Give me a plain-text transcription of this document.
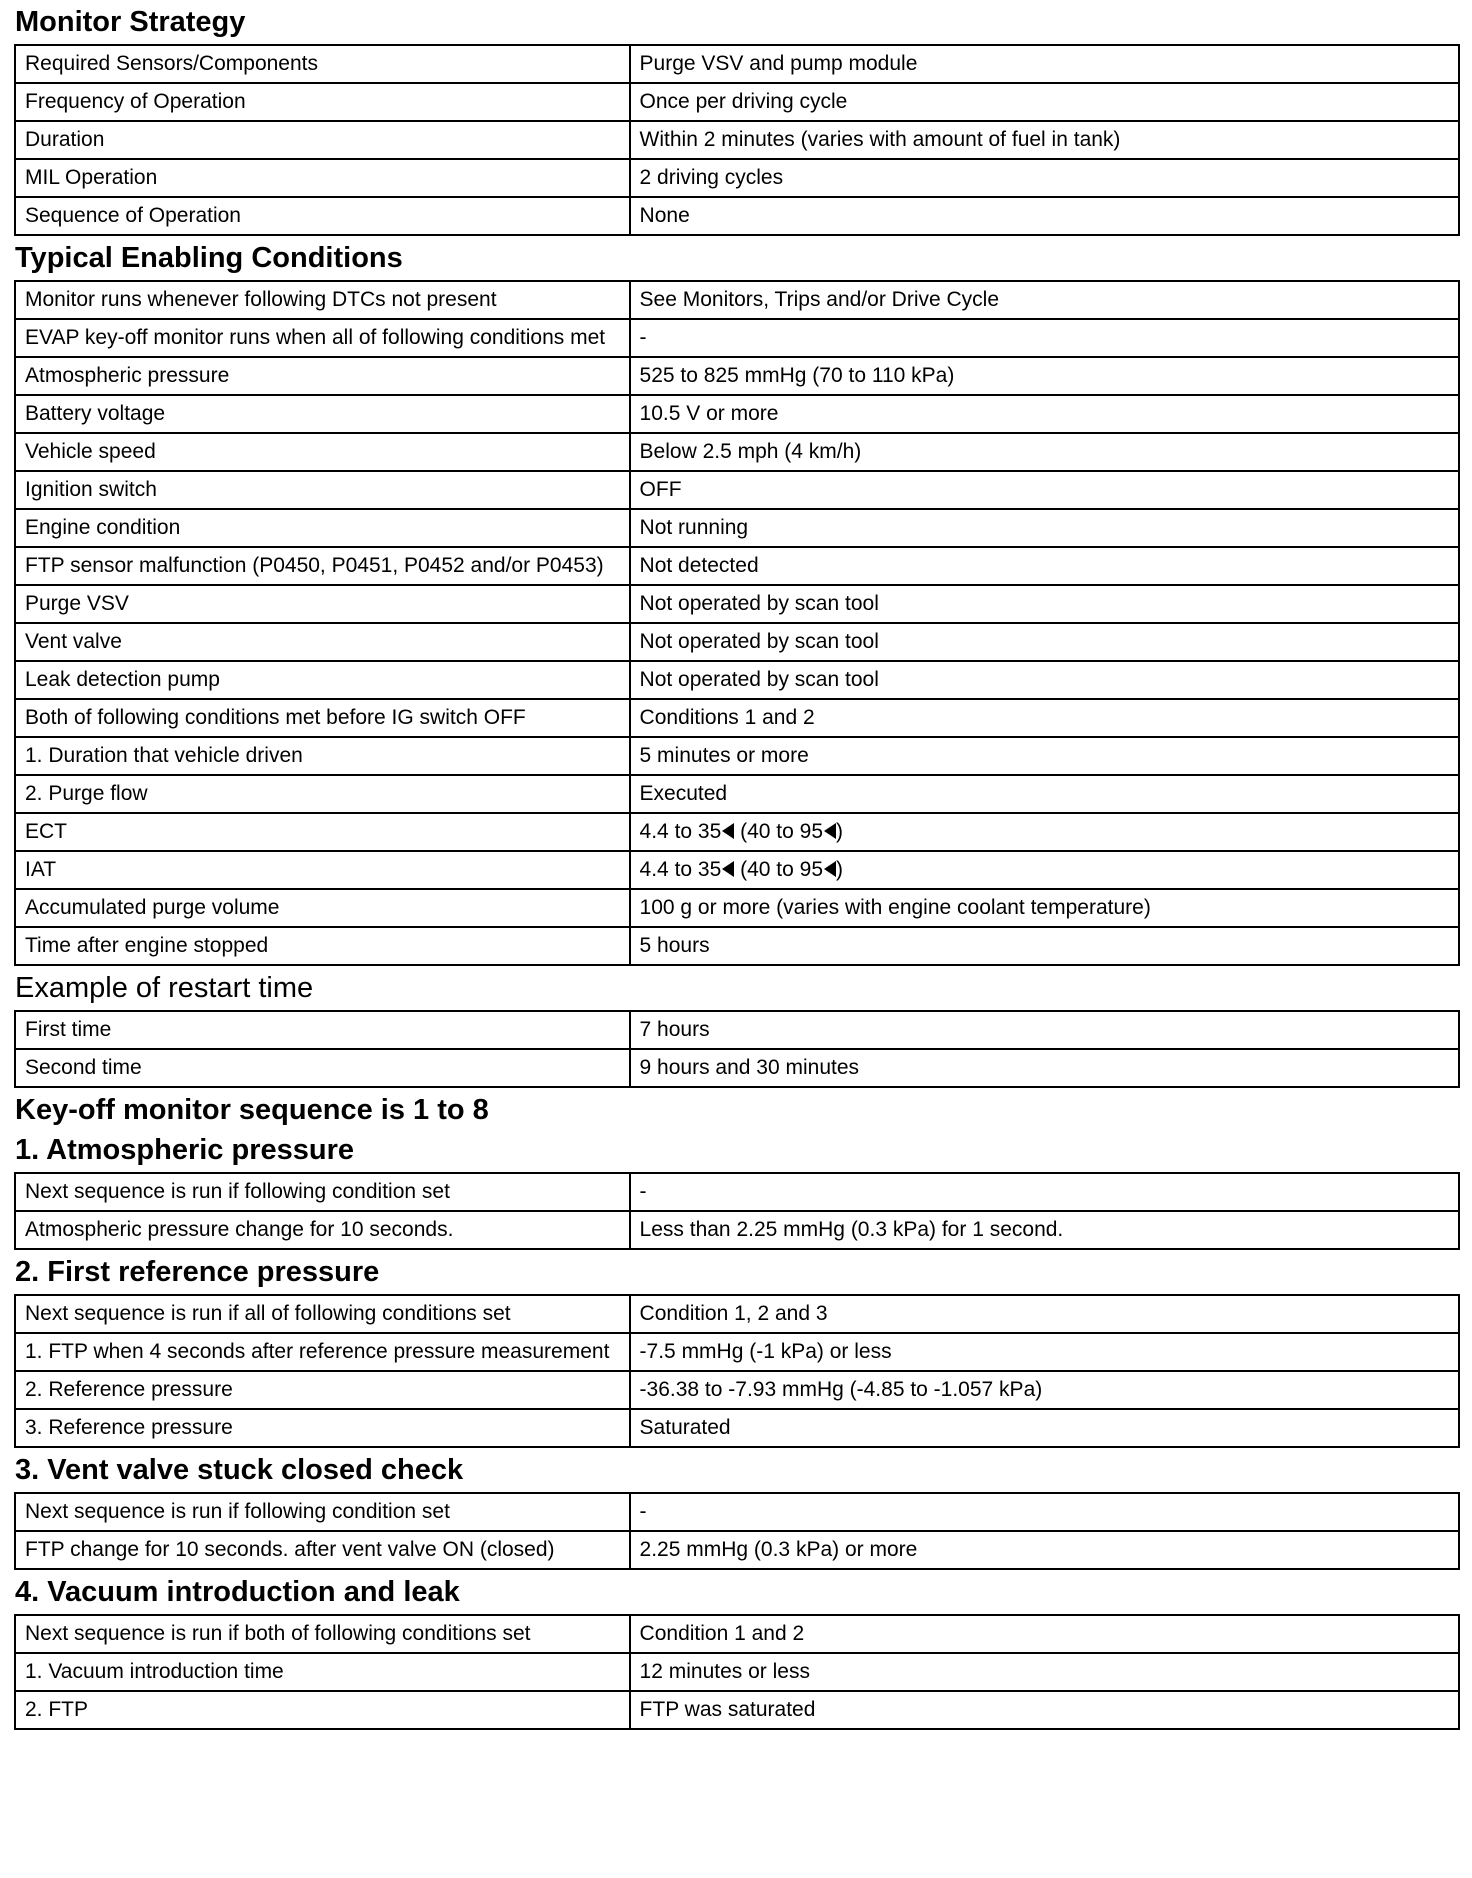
Monitor Strategy
Required Sensors/Components	Purge VSV and pump module
Frequency of Operation	Once per driving cycle
Duration	Within 2 minutes (varies with amount of fuel in tank)
MIL Operation	2 driving cycles
Sequence of Operation	None
Typical Enabling Conditions
Monitor runs whenever following DTCs not present	See Monitors, Trips and/or Drive Cycle
EVAP key-off monitor runs when all of following conditions met	-
Atmospheric pressure	525 to 825 mmHg (70 to 110 kPa)
Battery voltage	10.5 V or more
Vehicle speed	Below 2.5 mph (4 km/h)
Ignition switch	OFF
Engine condition	Not running
FTP sensor malfunction (P0450, P0451, P0452 and/or P0453)	Not detected
Purge VSV	Not operated by scan tool
Vent valve	Not operated by scan tool
Leak detection pump	Not operated by scan tool
Both of following conditions met before IG switch OFF	Conditions 1 and 2
1. Duration that vehicle driven	5 minutes or more
2. Purge flow	Executed
ECT	4.4 to 35 (40 to 95 )
IAT	4.4 to 35 (40 to 95 )
Accumulated purge volume	100 g or more (varies with engine coolant temperature)
Time after engine stopped	5 hours
Example of restart time
First time	7 hours
Second time	9 hours and 30 minutes
Key-off monitor sequence is 1 to 8
1. Atmospheric pressure
Next sequence is run if following condition set	-
Atmospheric pressure change for 10 seconds.	Less than 2.25 mmHg (0.3 kPa) for 1 second.
2. First reference pressure
Next sequence is run if all of following conditions set	Condition 1, 2 and 3
1. FTP when 4 seconds after reference pressure measurement	-7.5 mmHg (-1 kPa) or less
2. Reference pressure	-36.38 to -7.93 mmHg (-4.85 to -1.057 kPa)
3. Reference pressure	Saturated
3. Vent valve stuck closed check
Next sequence is run if following condition set	-
FTP change for 10 seconds. after vent valve ON (closed)	2.25 mmHg (0.3 kPa) or more
4. Vacuum introduction and leak
Next sequence is run if both of following conditions set	Condition 1 and 2
1. Vacuum introduction time	12 minutes or less
2. FTP	FTP was saturated
